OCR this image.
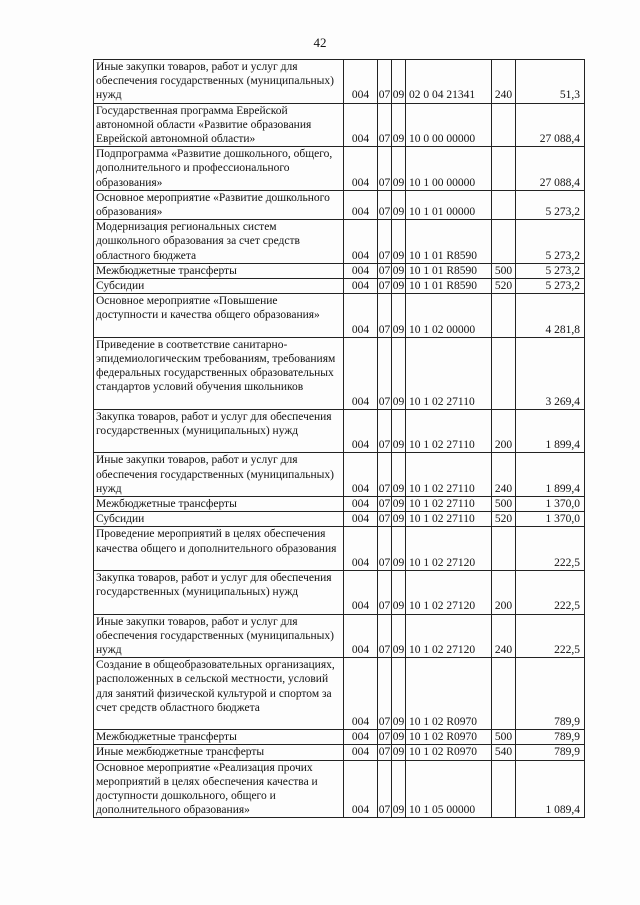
42
Иные закупки товаров, работ и услуг для обеспечения государственных (муниципальных) нужд	004	07	09	02 0 04 21341	240	51,3
Государственная программа Еврейской автономной области «Развитие образования Еврейской автономной области»	004	07	09	10 0 00 00000		27 088,4
Подпрограмма «Развитие дошкольного, общего, дополнительного и профессионального образования»	004	07	09	10 1 00 00000		27 088,4
Основное мероприятие «Развитие дошкольного образования»	004	07	09	10 1 01 00000		5 273,2
Модернизация региональных систем дошкольного образования за счет средств областного бюджета	004	07	09	10 1 01 R8590		5 273,2
Межбюджетные трансферты	004	07	09	10 1 01 R8590	500	5 273,2
Субсидии	004	07	09	10 1 01 R8590	520	5 273,2
Основное мероприятие «Повышение доступности и качества общего образования»	004	07	09	10 1 02 00000		4 281,8
Приведение в соответствие санитарно-эпидемиологическим требованиям, требованиям федеральных государственных образовательных стандартов условий обучения школьников	004	07	09	10 1 02 27110		3 269,4
Закупка товаров, работ и услуг для обеспечения государственных (муниципальных) нужд	004	07	09	10 1 02 27110	200	1 899,4
Иные закупки товаров, работ и услуг для обеспечения государственных (муниципальных) нужд	004	07	09	10 1 02 27110	240	1 899,4
Межбюджетные трансферты	004	07	09	10 1 02 27110	500	1 370,0
Субсидии	004	07	09	10 1 02 27110	520	1 370,0
Проведение мероприятий в целях обеспечения качества общего и дополнительного образования	004	07	09	10 1 02 27120		222,5
Закупка товаров, работ и услуг для обеспечения государственных (муниципальных) нужд	004	07	09	10 1 02 27120	200	222,5
Иные закупки товаров, работ и услуг для обеспечения государственных (муниципальных) нужд	004	07	09	10 1 02 27120	240	222,5
Создание в общеобразовательных организациях, расположенных в сельской местности, условий для занятий физической культурой и спортом за счет средств областного бюджета	004	07	09	10 1 02 R0970		789,9
Межбюджетные трансферты	004	07	09	10 1 02 R0970	500	789,9
Иные межбюджетные трансферты	004	07	09	10 1 02 R0970	540	789,9
Основное мероприятие «Реализация прочих мероприятий в целях обеспечения качества и доступности дошкольного, общего и дополнительного образования»	004	07	09	10 1 05 00000		1 089,4
